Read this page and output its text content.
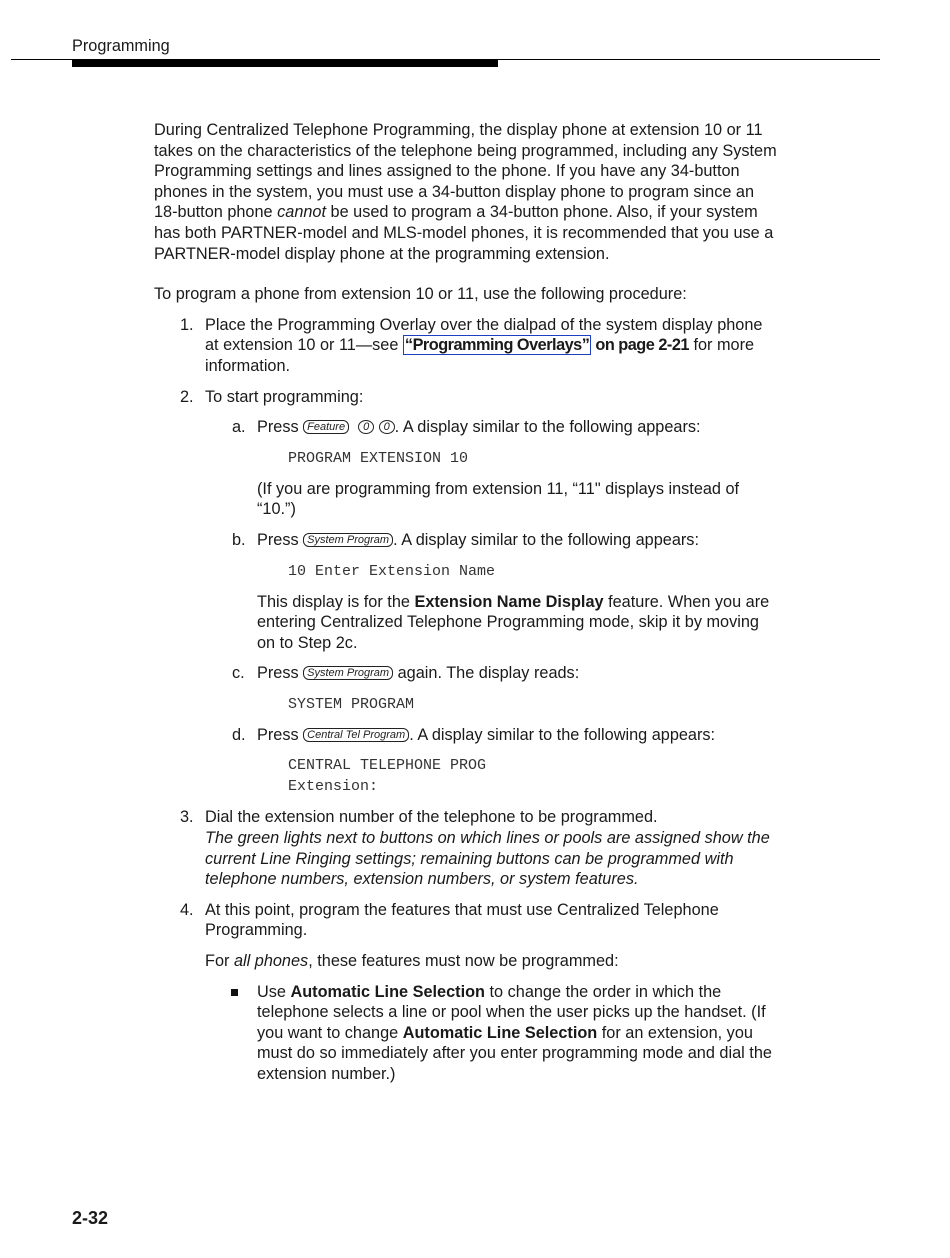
Programming

During Centralized Telephone Programming, the display phone at extension 10 or 11 takes on the characteristics of the telephone being programmed, including any System Programming settings and lines assigned to the phone. If you have any 34-button phones in the system, you must use a 34-button display phone to program since an 18-button phone cannot be used to program a 34-button phone. Also, if your system has both PARTNER-model and MLS-model phones, it is recommended that you use a PARTNER-model display phone at the programming extension.

To program a phone from extension 10 or 11, use the following procedure:

1. Place the Programming Overlay over the dialpad of the system display phone at extension 10 or 11—see “Programming Overlays” on page 2-21 for more information.
2. To start programming:
a. Press Feature 0 0 . A display similar to the following appears:
PROGRAM EXTENSION 10

(If you are programming from extension 11, “11" displays instead of “10.”)

b. Press System Program . A display similar to the following appears:
10 Enter Extension Name

This display is for the Extension Name Display feature. When you are entering Centralized Telephone Programming mode, skip it by moving on to Step 2c.

c. Press System Program again. The display reads:
SYSTEM PROGRAM
d. Press Central Tel Program . A display similar to the following appears:
CENTRAL TELEPHONE PROG
Extension:
3. Dial the extension number of the telephone to be programmed.
The green lights next to buttons on which lines or pools are assigned show the current Line Ringing settings; remaining buttons can be programmed with telephone numbers, extension numbers, or system features.
4. At this point, program the features that must use Centralized Telephone Programming.

For all phones, these features must now be programmed:

Use Automatic Line Selection to change the order in which the telephone selects a line or pool when the user picks up the handset. (If you want to change Automatic Line Selection for an extension, you must do so immediately after you enter programming mode and dial the extension number.)
2-32
